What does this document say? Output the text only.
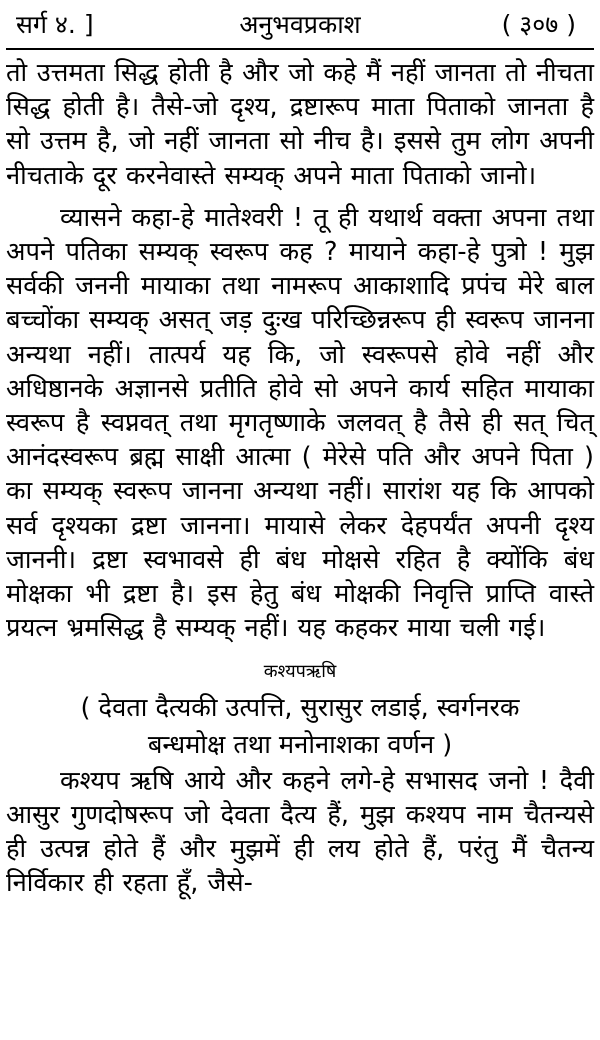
सर्ग ४. ]	अनुभवप्रकाश	( ३०७ )

तो उत्तमता सिद्ध होती है और जो कहे मैं नहीं जानता तो नीचता सिद्ध होती है। तैसे-जो दृश्य, द्रष्टारूप माता पिताको जानता है सो उत्तम है, जो नहीं जानता सो नीच है। इससे तुम लोग अपनी नीचताके दूर करनेवास्ते सम्यक् अपने माता पिताको जानो।

व्यासने कहा-हे मातेश्वरी ! तू ही यथार्थ वक्ता अपना तथा अपने पतिका सम्यक् स्वरूप कह ? मायाने कहा-हे पुत्रो ! मुझ सर्वकी जननी मायाका तथा नामरूप आकाशादि प्रपंच मेरे बाल बच्चोंका सम्यक् असत् जड़ दुःख परिच्छिन्नरूप ही स्वरूप जानना अन्यथा नहीं। तात्पर्य यह कि, जो स्वरूपसे होवे नहीं और अधिष्ठानके अज्ञानसे प्रतीति होवे सो अपने कार्य सहित मायाका स्वरूप है स्वप्नवत् तथा मृगतृष्णाके जलवत् है तैसे ही सत् चित् आनंदस्वरूप ब्रह्म साक्षी आत्मा ( मेरेसे पति और अपने पिता ) का सम्यक् स्वरूप जानना अन्यथा नहीं। सारांश यह कि आपको सर्व दृश्यका द्रष्टा जानना। मायासे लेकर देहपर्यंत अपनी दृश्य जाननी। द्रष्टा स्वभावसे ही बंध मोक्षसे रहित है क्योंकि बंध मोक्षका भी द्रष्टा है। इस हेतु बंध मोक्षकी निवृत्ति प्राप्ति वास्ते प्रयत्न भ्रमसिद्ध है सम्यक् नहीं। यह कहकर माया चली गई।

कश्यपऋषि
( देवता दैत्यकी उत्पत्ति, सुरासुर लडाई, स्वर्गनरक
बन्धमोक्ष तथा मनोनाशका वर्णन )

कश्यप ऋषि आये और कहने लगे-हे सभासद जनो ! दैवी आसुर गुणदोषरूप जो देवता दैत्य हैं, मुझ कश्यप नाम चैतन्यसे ही उत्पन्न होते हैं और मुझमें ही लय होते हैं, परंतु मैं चैतन्य निर्विकार ही रहता हूँ, जैसे-
